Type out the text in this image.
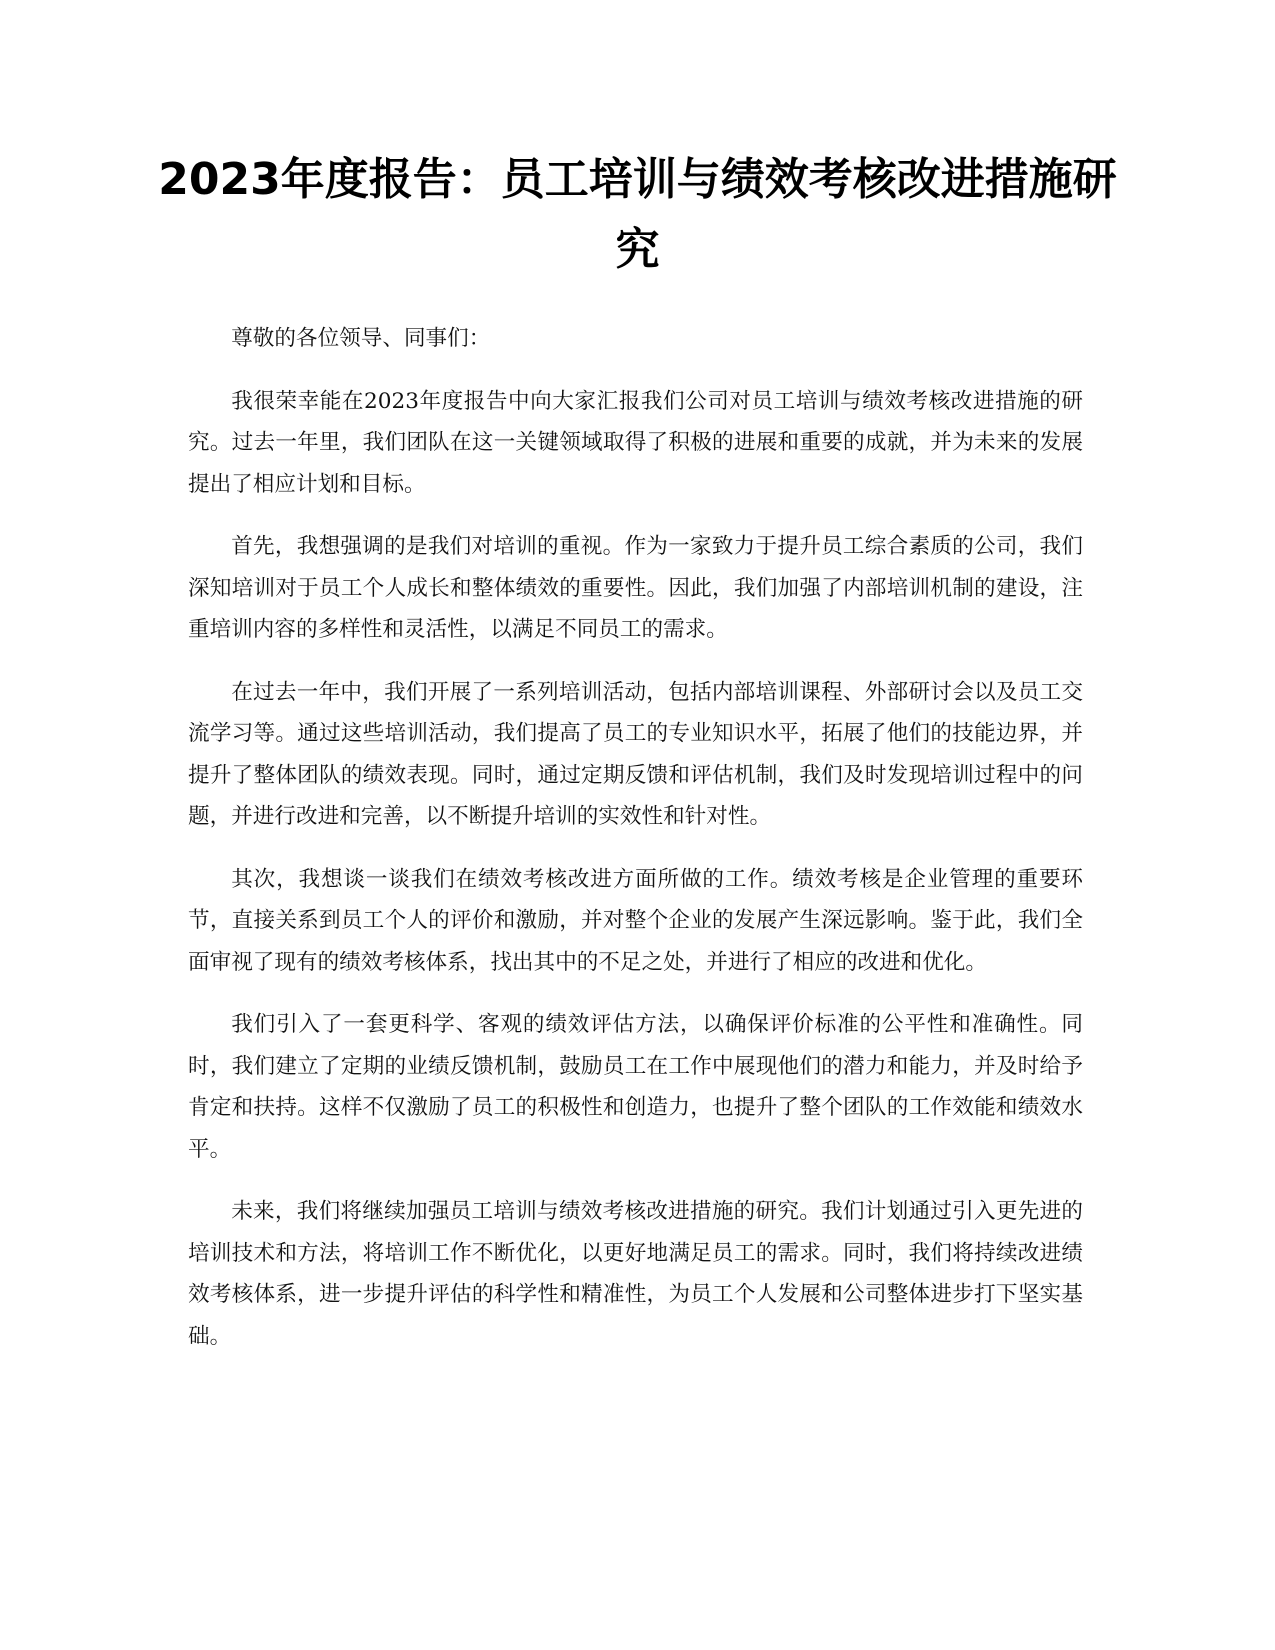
2023年度报告：员工培训与绩效考核改进措施研究

尊敬的各位领导、同事们：

我很荣幸能在2023年度报告中向大家汇报我们公司对员工培训与绩效考核改进措施的研究。过去一年里，我们团队在这一关键领域取得了积极的进展和重要的成就，并为未来的发展提出了相应计划和目标。

首先，我想强调的是我们对培训的重视。作为一家致力于提升员工综合素质的公司，我们深知培训对于员工个人成长和整体绩效的重要性。因此，我们加强了内部培训机制的建设，注重培训内容的多样性和灵活性，以满足不同员工的需求。

在过去一年中，我们开展了一系列培训活动，包括内部培训课程、外部研讨会以及员工交流学习等。通过这些培训活动，我们提高了员工的专业知识水平，拓展了他们的技能边界，并提升了整体团队的绩效表现。同时，通过定期反馈和评估机制，我们及时发现培训过程中的问题，并进行改进和完善，以不断提升培训的实效性和针对性。

其次，我想谈一谈我们在绩效考核改进方面所做的工作。绩效考核是企业管理的重要环节，直接关系到员工个人的评价和激励，并对整个企业的发展产生深远影响。鉴于此，我们全面审视了现有的绩效考核体系，找出其中的不足之处，并进行了相应的改进和优化。

我们引入了一套更科学、客观的绩效评估方法，以确保评价标准的公平性和准确性。同时，我们建立了定期的业绩反馈机制，鼓励员工在工作中展现他们的潜力和能力，并及时给予肯定和扶持。这样不仅激励了员工的积极性和创造力，也提升了整个团队的工作效能和绩效水平。

未来，我们将继续加强员工培训与绩效考核改进措施的研究。我们计划通过引入更先进的培训技术和方法，将培训工作不断优化，以更好地满足员工的需求。同时，我们将持续改进绩效考核体系，进一步提升评估的科学性和精准性，为员工个人发展和公司整体进步打下坚实基础。
